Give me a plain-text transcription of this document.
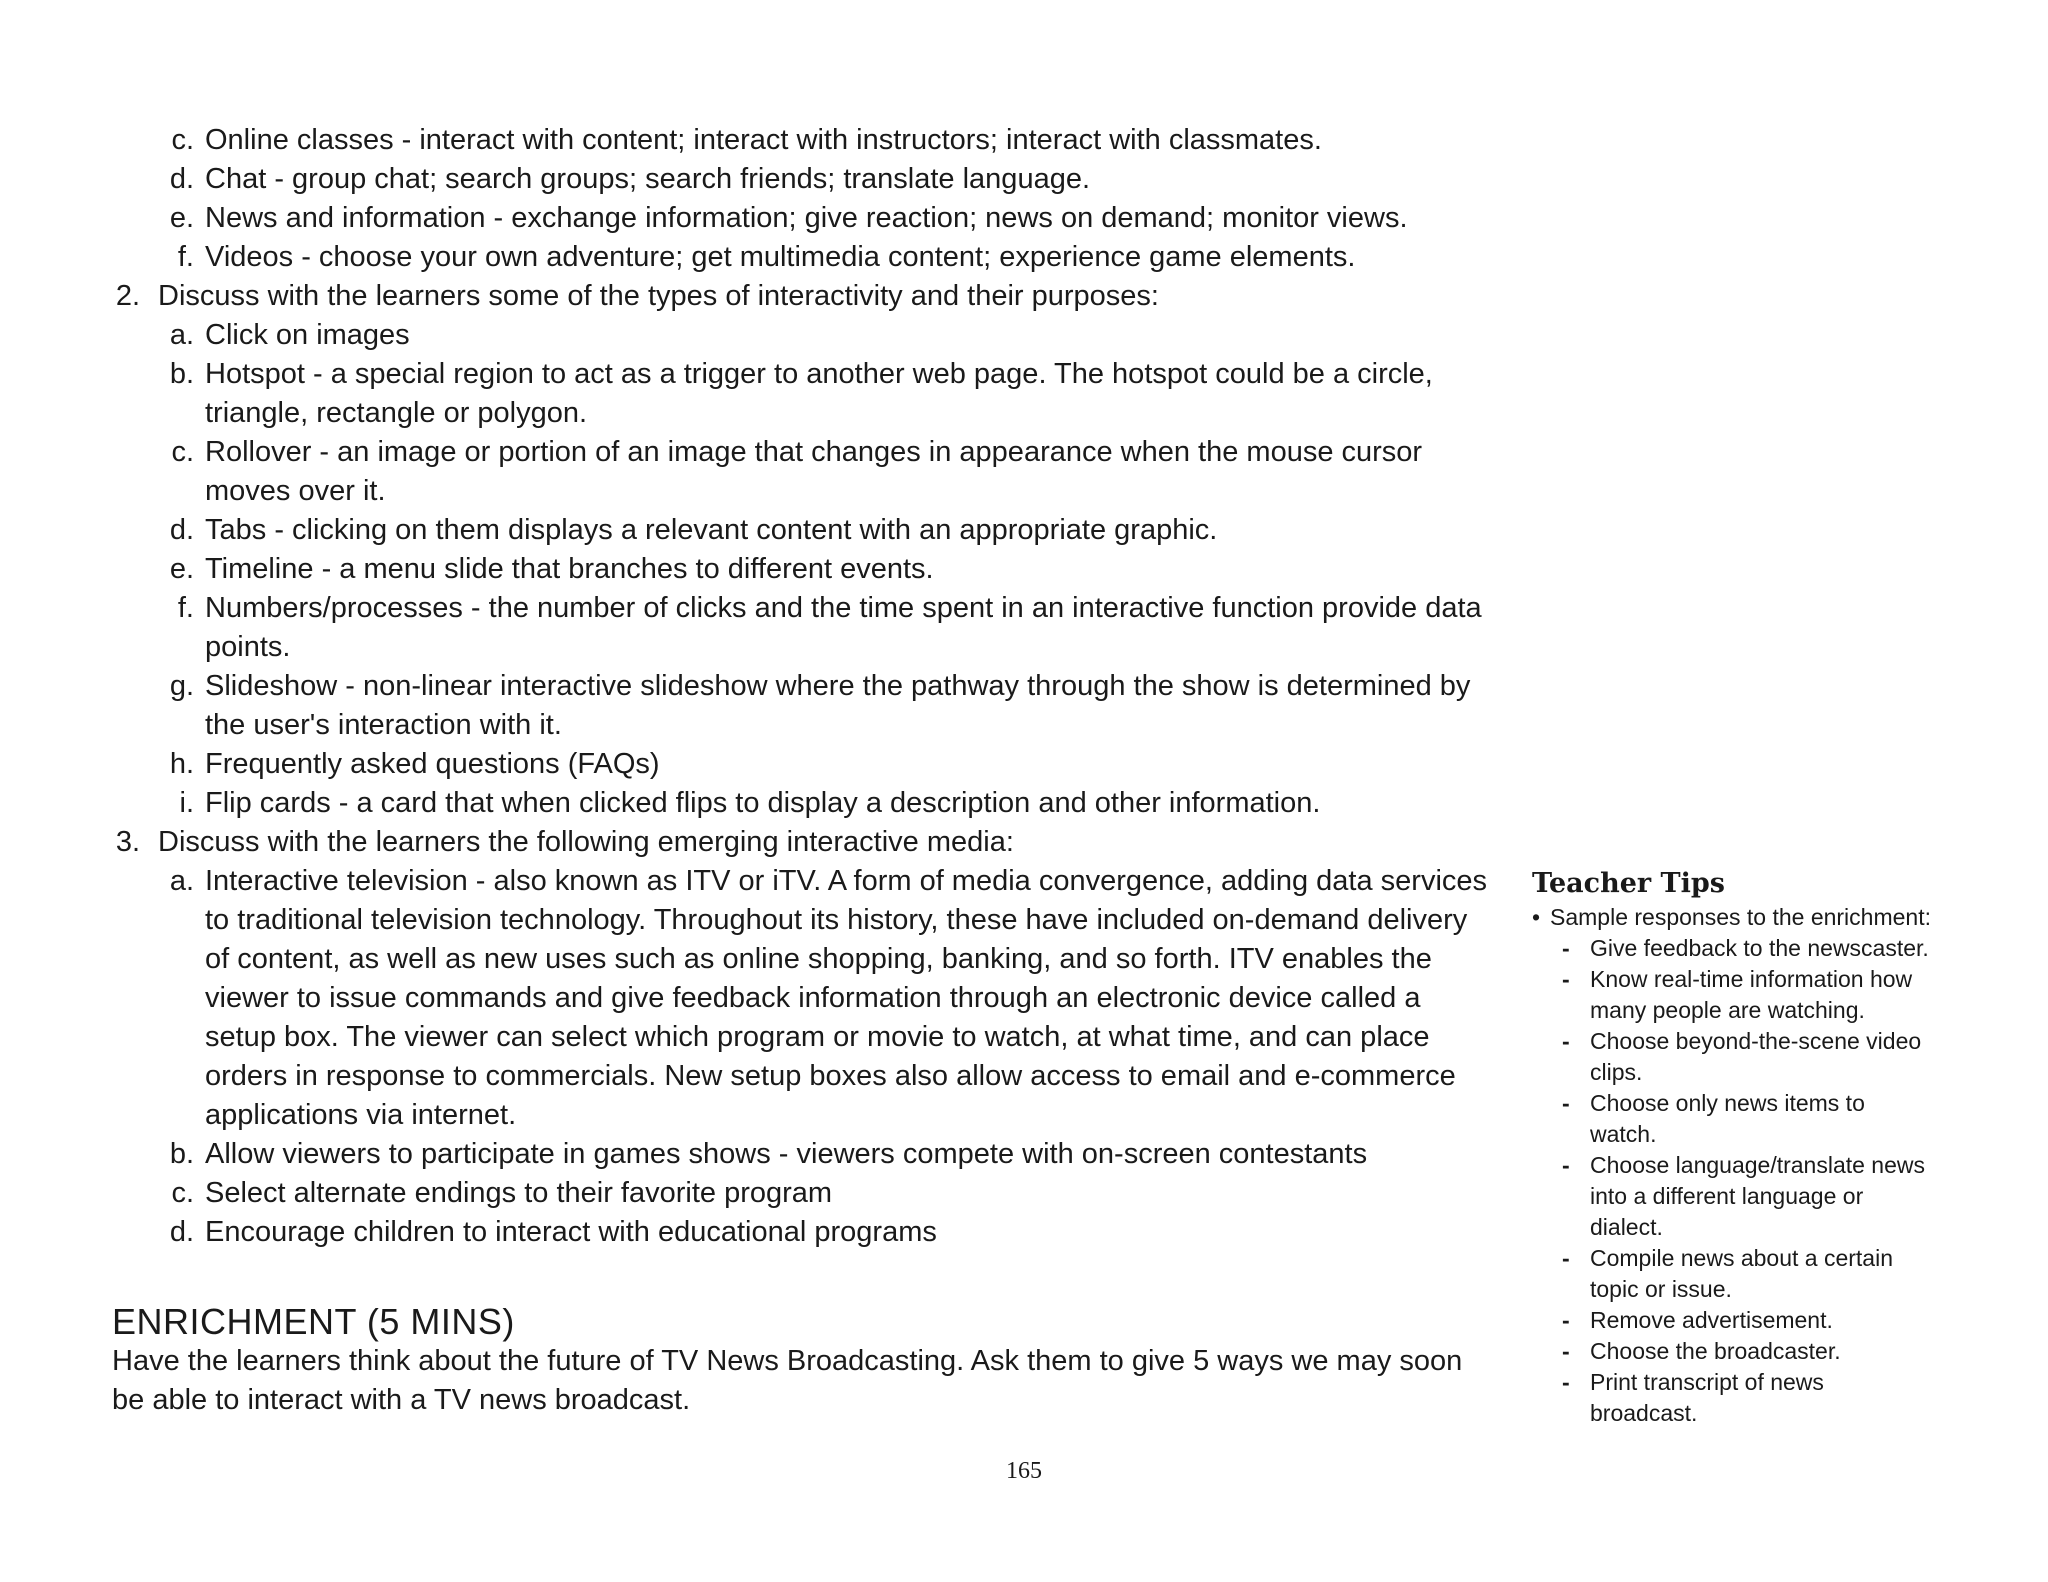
c. Online classes - interact with content; interact with instructors; interact with classmates.
d. Chat - group chat; search groups; search friends; translate language.
e. News and information - exchange information; give reaction; news on demand; monitor views.
f. Videos - choose your own adventure; get multimedia content; experience game elements.
2. Discuss with the learners some of the types of interactivity and their purposes:
a. Click on images
b. Hotspot - a special region to act as a trigger to another web page. The hotspot could be a circle,
triangle, rectangle or polygon.
c. Rollover - an image or portion of an image that changes in appearance when the mouse cursor
moves over it.
d. Tabs - clicking on them displays a relevant content with an appropriate graphic.
e. Timeline - a menu slide that branches to different events.
f. Numbers/processes - the number of clicks and the time spent in an interactive function provide data
points.
g. Slideshow - non-linear interactive slideshow where the pathway through the show is determined by
the user's interaction with it.
h. Frequently asked questions (FAQs)
i. Flip cards - a card that when clicked flips to display a description and other information.
3. Discuss with the learners the following emerging interactive media:
a. Interactive television - also known as ITV or iTV. A form of media convergence, adding data services
to traditional television technology. Throughout its history, these have included on-demand delivery
of content, as well as new uses such as online shopping, banking, and so forth. ITV enables the
viewer to issue commands and give feedback information through an electronic device called a
setup box. The viewer can select which program or movie to watch, at what time, and can place
orders in response to commercials. New setup boxes also allow access to email and e-commerce
applications via internet.
b. Allow viewers to participate in games shows - viewers compete with on-screen contestants
c. Select alternate endings to their favorite program
d. Encourage children to interact with educational programs
ENRICHMENT (5 MINS)
Have the learners think about the future of TV News Broadcasting. Ask them to give 5 ways we may soon
be able to interact with a TV news broadcast.
Teacher Tips
• Sample responses to the enrichment:
- Give feedback to the newscaster.
- Know real-time information how
many people are watching.
- Choose beyond-the-scene video
clips.
- Choose only news items to
watch.
- Choose language/translate news
into a different language or
dialect.
- Compile news about a certain
topic or issue.
- Remove advertisement.
- Choose the broadcaster.
- Print transcript of news
broadcast.
165
